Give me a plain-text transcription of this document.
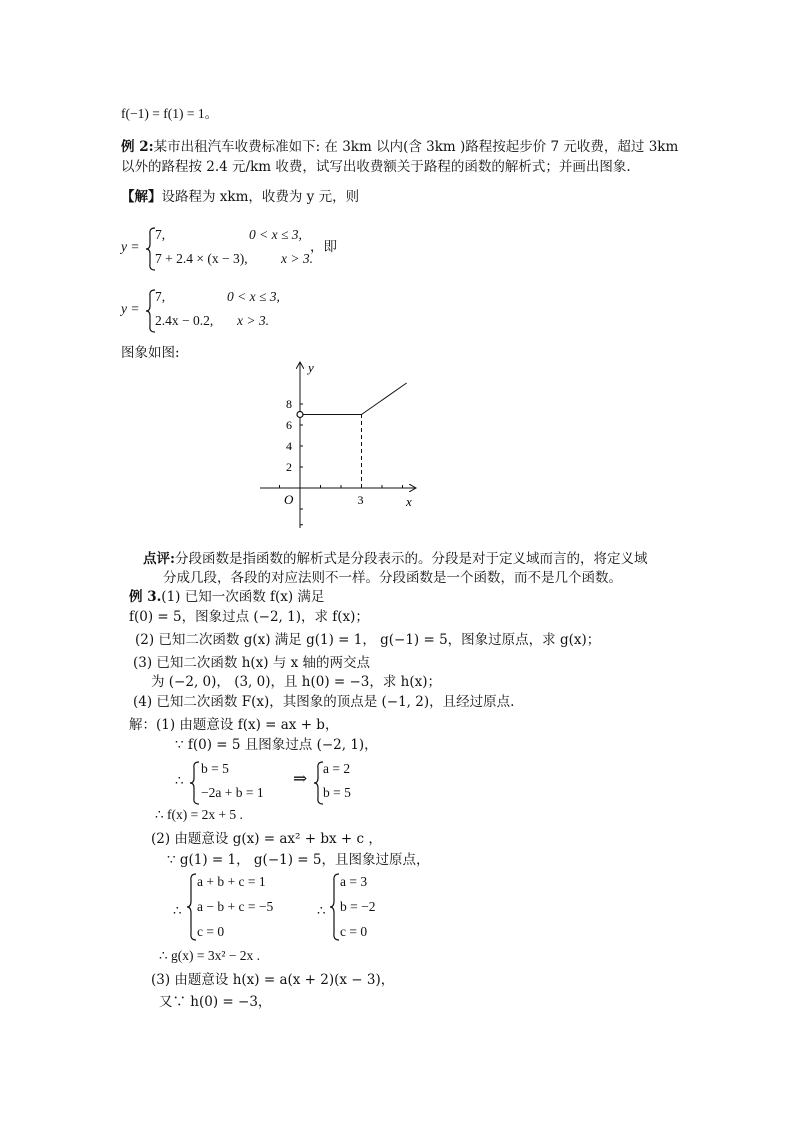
f(−1) = f(1) = 1。
例 2:某市出租汽车收费标准如下: 在 3km 以内(含 3km )路程按起步价 7 元收费，超过 3km
以外的路程按 2.4 元/km 收费，试写出收费额关于路程的函数的解析式；并画出图象.
【解】设路程为 xkm，收费为 y 元，则
y =
7,	0 < x ≤ 3,
7 + 2.4 × (x − 3), x > 3.
，即
y =
7,	0 < x ≤ 3,
2.4x − 0.2, x > 3.
图象如图:
8
6
4
2
3
O	x
y
点评:分段函数是指函数的解析式是分段表示的。分段是对于定义域而言的，将定义域
分成几段，各段的对应法则不一样。分段函数是一个函数，而不是几个函数。
例 3.(1) 已知一次函数 f(x) 满足
f(0) = 5，图象过点 (−2, 1)，求 f(x)；
(2) 已知二次函数 g(x) 满足 g(1) = 1， g(−1) = 5，图象过原点，求 g(x)；
(3) 已知二次函数 h(x) 与 x 轴的两交点
为 (−2, 0)， (3, 0)，且 h(0) = −3，求 h(x)；
(4) 已知二次函数 F(x)，其图象的顶点是 (−1, 2)，且经过原点.
解：(1) 由题意设 f(x) = ax + b，
∵ f(0) = 5 且图象过点 (−2, 1)，
∴
b = 5
−2a + b = 1
⇒
a = 2
b = 5
∴ f(x) = 2x + 5 .
(2) 由题意设 g(x) = ax² + bx + c ，
∵ g(1) = 1， g(−1) = 5，且图象过原点，
∴
a + b + c = 1
a − b + c = −5
c = 0
∴
a = 3
b = −2
c = 0
∴ g(x) = 3x² − 2x .
(3) 由题意设 h(x) = a(x + 2)(x − 3)，
又∵ h(0) = −3，
